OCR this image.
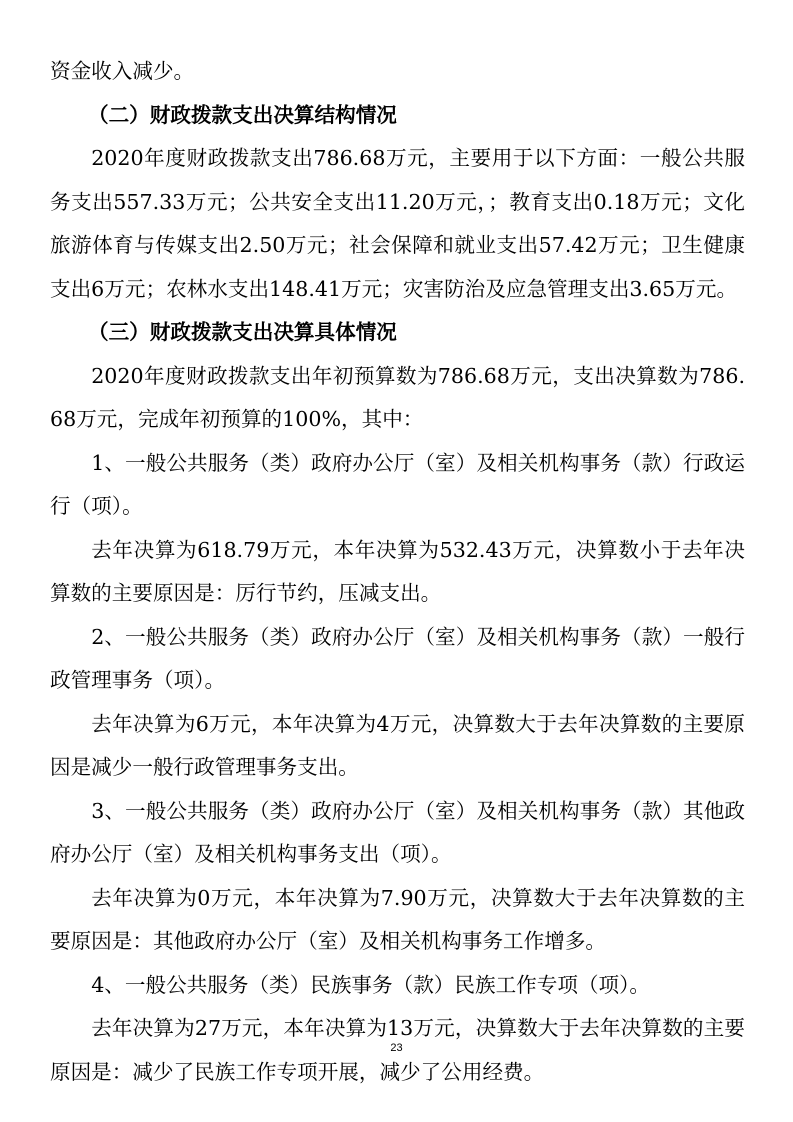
资金收入减少。

（二）财政拨款支出决算结构情况

2020年度财政拨款支出786.68万元，主要用于以下方面：一般公共服务支出557.33万元；公共安全支出11.20万元，；教育支出0.18万元；文化旅游体育与传媒支出2.50万元；社会保障和就业支出57.42万元；卫生健康支出6万元；农林水支出148.41万元；灾害防治及应急管理支出3.65万元。

（三）财政拨款支出决算具体情况

2020年度财政拨款支出年初预算数为786.68万元，支出决算数为786.68万元，完成年初预算的100%，其中：

1、一般公共服务（类）政府办公厅（室）及相关机构事务（款）行政运行（项）。

去年决算为618.79万元，本年决算为532.43万元，决算数小于去年决算数的主要原因是：厉行节约，压减支出。

2、一般公共服务（类）政府办公厅（室）及相关机构事务（款）一般行政管理事务（项）。

去年决算为6万元，本年决算为4万元，决算数大于去年决算数的主要原因是减少一般行政管理事务支出。

3、一般公共服务（类）政府办公厅（室）及相关机构事务（款）其他政府办公厅（室）及相关机构事务支出（项）。

去年决算为0万元，本年决算为7.90万元，决算数大于去年决算数的主要原因是：其他政府办公厅（室）及相关机构事务工作增多。

4、一般公共服务（类）民族事务（款）民族工作专项（项）。

去年决算为27万元，本年决算为13万元，决算数大于去年决算数的主要原因是：减少了民族工作专项开展，减少了公用经费。

23
